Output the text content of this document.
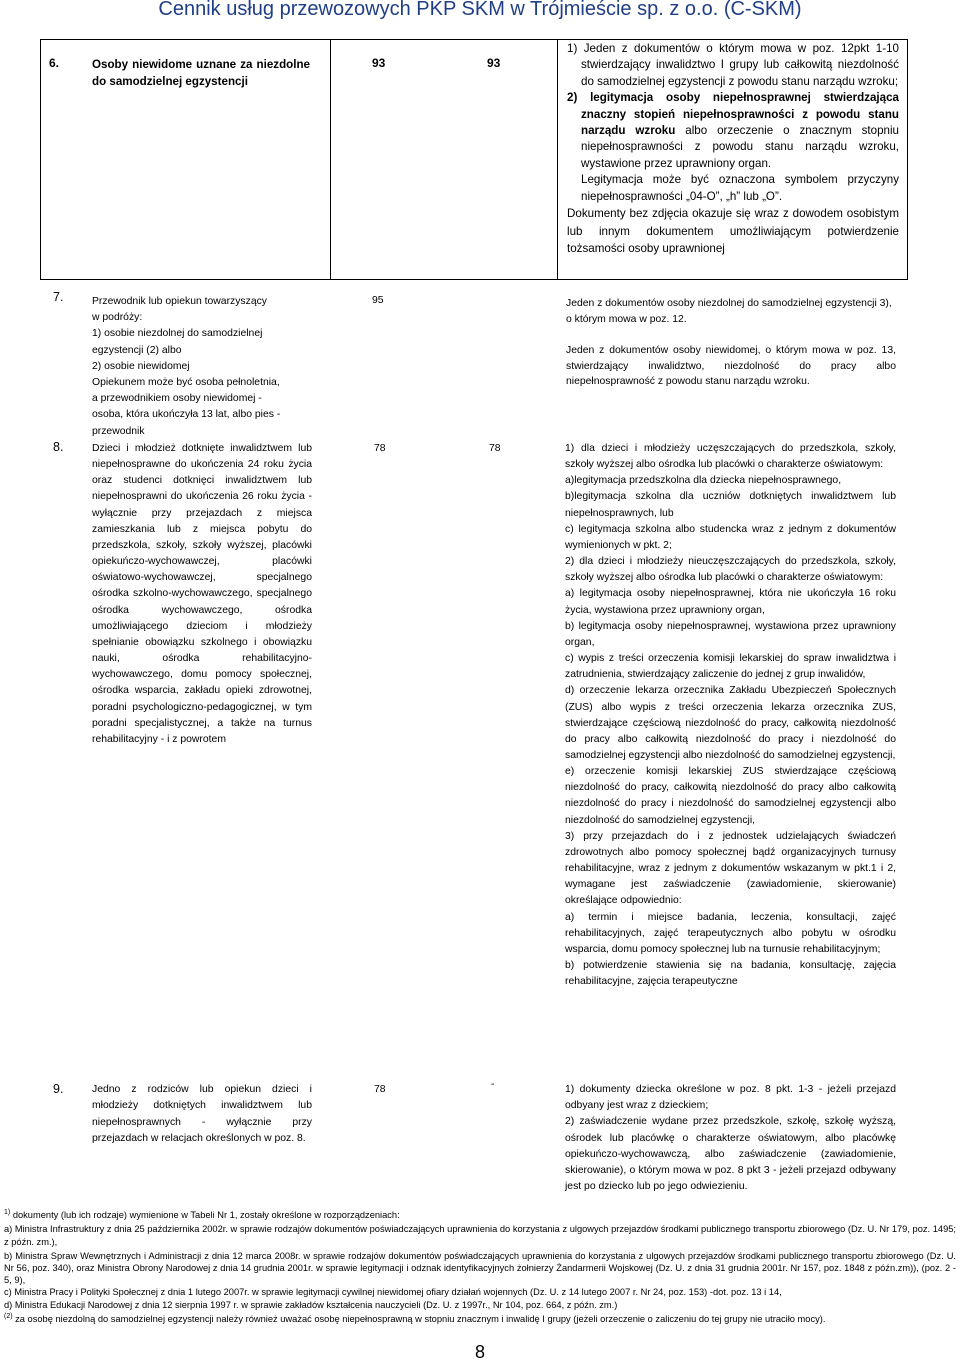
Cennik usług przewozowych PKP SKM w Trójmieście sp. z o.o. (C-SKM)
6.	Osoby niewidome uznane za niezdolne do samodzielnej egzystencji
93	93

1) Jeden z dokumentów o którym mowa w poz. 12pkt 1-10 stwierdzający inwalidztwo I grupy lub całkowitą niezdolność do samodzielnej egzystencji z powodu stanu narządu wzroku;

2) legitymacja osoby niepełnosprawnej stwierdzająca znaczny stopień niepełnosprawności z powodu stanu narządu wzroku albo orzeczenie o znacznym stopniu niepełnosprawności z powodu stanu narządu wzroku, wystawione przez uprawniony organ.

Legitymacja może być oznaczona symbolem przyczyny niepełnosprawności „04-O”, „h” lub „O”.

Dokumenty bez zdjęcia okazuje się wraz z dowodem osobistym lub innym dokumentem umożliwiającym potwierdzenie tożsamości osoby uprawnionej

7.	Przewodnik lub opiekun towarzyszący
w podróży:
1) osobie niezdolnej do samodzielnej
egzystencji (2) albo
2) osobie niewidomej
Opiekunem może być osoba pełnoletnia,
a przewodnikiem osoby niewidomej -
osoba, która ukończyła 13 lat, albo pies -
przewodnik
95	Jeden z dokumentów osoby niezdolnej do samodzielnej egzystencji 3), o którym mowa w poz. 12.

Jeden z dokumentów osoby niewidomej, o którym mowa w poz. 13, stwierdzający inwalidztwo, niezdolność do pracy albo niepełnosprawność z powodu stanu narządu wzroku.

8.	Dzieci i młodzież dotknięte inwalidztwem lub niepełnosprawne do ukończenia 24 roku życia oraz studenci dotknięci inwalidztwem lub niepełnosprawni do ukończenia 26 roku życia - wyłącznie przy przejazdach z miejsca zamieszkania lub z miejsca pobytu do przedszkola, szkoły, szkoły wyższej, placówki opiekuńczo-wychowawczej, placówki oświatowo-wychowawczej, specjalnego ośrodka szkolno-wychowawczego, specjalnego ośrodka wychowawczego, ośrodka umożliwiającego dzieciom i młodzieży spełnianie obowiązku szkolnego i obowiązku nauki, ośrodka rehabilitacyjno-wychowawczego, domu pomocy społecznej, ośrodka wsparcia, zakładu opieki zdrowotnej, poradni psychologiczno-pedagogicznej, w tym poradni specjalistycznej, a także na turnus rehabilitacyjny - i z powrotem
78	78	1) dla dzieci i młodzieży uczęszczających do przedszkola, szkoły, szkoły wyższej albo ośrodka lub placówki o charakterze oświatowym:

a)legitymacja przedszkolna dla dziecka niepełnosprawnego,

b)legitymacja szkolna dla uczniów dotkniętych inwalidztwem lub niepełnosprawnych, lub

c) legitymacja szkolna albo studencka wraz z jednym z dokumentów wymienionych w pkt. 2;

2) dla dzieci i młodzieży nieuczęszczających do przedszkola, szkoły, szkoły wyższej albo ośrodka lub placówki o charakterze oświatowym:

a) legitymacja osoby niepełnosprawnej, która nie ukończyła 16 roku życia, wystawiona przez uprawniony organ,

b) legitymacja osoby niepełnosprawnej, wystawiona przez uprawniony organ,

c) wypis z treści orzeczenia komisji lekarskiej do spraw inwalidztwa i zatrudnienia, stwierdzający zaliczenie do jednej z grup inwalidów,

d) orzeczenie lekarza orzecznika Zakładu Ubezpieczeń Społecznych (ZUS) albo wypis z treści orzeczenia lekarza orzecznika ZUS, stwierdzające częściową niezdolność do pracy, całkowitą niezdolność do pracy albo całkowitą niezdolność do pracy i niezdolność do samodzielnej egzystencji albo niezdolność do samodzielnej egzystencji,

e) orzeczenie komisji lekarskiej ZUS stwierdzające częściową niezdolność do pracy, całkowitą niezdolność do pracy albo całkowitą niezdolność do pracy i niezdolność do samodzielnej egzystencji albo niezdolność do samodzielnej egzystencji,

3) przy przejazdach do i z jednostek udzielających świadczeń zdrowotnych albo pomocy społecznej bądź organizacyjnych turnusy rehabilitacyjne, wraz z jednym z dokumentów wskazanym w pkt.1 i 2, wymagane jest zaświadczenie (zawiadomienie, skierowanie) określające odpowiednio:

a) termin i miejsce badania, leczenia, konsultacji, zajęć rehabilitacyjnych, zajęć terapeutycznych albo pobytu w ośrodku wsparcia, domu pomocy społecznej lub na turnusie rehabilitacyjnym;

b) potwierdzenie stawienia się na badania, konsultację, zajęcia rehabilitacyjne, zajęcia terapeutyczne

9.	Jedno z rodziców lub opiekun dzieci i młodzieży dotkniętych inwalidztwem lub niepełnosprawnych - wyłącznie przy przejazdach w relacjach określonych w poz. 8.
78	-	1) dokumenty dziecka określone w poz. 8 pkt. 1-3 - jeżeli przejazd odbyany jest wraz z dzieckiem;

2) zaświadczenie wydane przez przedszkole, szkołę, szkołę wyższą, ośrodek lub placówkę o charakterze oświatowym, albo placówkę opiekuńczo-wychowawczą, albo zaświadczenie (zawiadomienie, skierowanie), o którym mowa w poz. 8 pkt 3 - jeżeli przejazd odbywany jest po dziecko lub po jego odwiezieniu.

$^{1)}$ dokumenty (lub ich rodzaje) wymienione w Tabeli Nr 1, zostały określone w rozporządzeniach:

a) Ministra Infrastruktury z dnia 25 października 2002r. w sprawie rodzajów dokumentów poświadczających uprawnienia do korzystania z ulgowych przejazdów środkami publicznego transportu zbiorowego (Dz. U. Nr 179, poz. 1495; z późn. zm.),

b) Ministra Spraw Wewnętrznych i Administracji z dnia 12 marca 2008r. w sprawie rodzajów dokumentów poświadczających uprawnienia do korzystania z ulgowych przejazdów środkami publicznego transportu zbiorowego (Dz. U. Nr 56, poz. 340), oraz Ministra Obrony Narodowej z dnia 14 grudnia 2001r. w sprawie legitymacji i odznak identyfikacyjnych żołnierzy Żandarmerii Wojskowej (Dz. U. z dnia 31 grudnia 2001r. Nr 157, poz. 1848 z późn.zm)), (poz. 2 - 5, 9),

c) Ministra Pracy i Polityki Społecznej z dnia 1 lutego 2007r. w sprawie legitymacji cywilnej niewidomej ofiary działań wojennych (Dz. U. z 14 lutego 2007 r. Nr 24, poz. 153) -dot. poz. 13 i 14,

d) Ministra Edukacji Narodowej z dnia 12 sierpnia 1997 r. w sprawie zakładów kształcenia nauczycieli (Dz. U. z 1997r., Nr 104, poz. 664, z późn. zm.)

$^{(2)}$ za osobę niezdolną do samodzielnej egzystencji należy również uważać osobę niepełnosprawną w stopniu znacznym i inwalidę I grupy (jeżeli orzeczenie o zaliczeniu do tej grupy nie utraciło mocy).

8
